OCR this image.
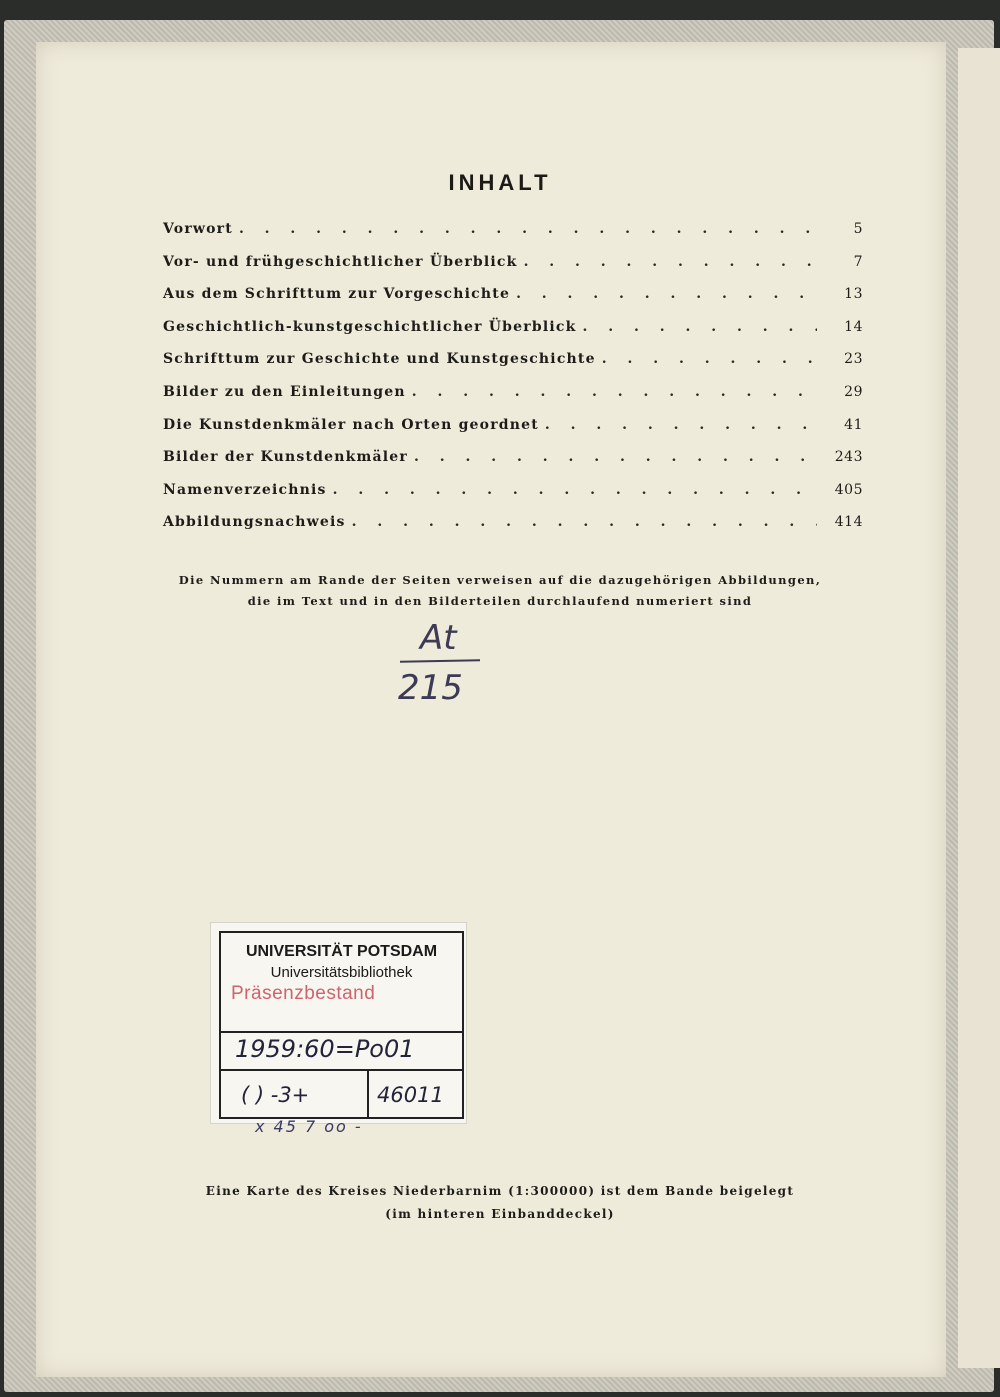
INHALT
Vorwort . . .	5
Vor- und frühgeschichtlicher Überblick . . .	7
Aus dem Schrifttum zur Vorgeschichte . . .	13
Geschichtlich-kunstgeschichtlicher Überblick . . .	14
Schrifttum zur Geschichte und Kunstgeschichte . . .	23
Bilder zu den Einleitungen . . .	29
Die Kunstdenkmäler nach Orten geordnet . . .	41
Bilder der Kunstdenkmäler . . .	243
Namenverzeichnis . . .	405
Abbildungsnachweis . . .	414
Die Nummern am Rande der Seiten verweisen auf die dazugehörigen Abbildungen,
die im Text und in den Bilderteilen durchlaufend numeriert sind
At
215
UNIVERSITÄT POTSDAM
Universitätsbibliothek
Präsenzbestand
1959:60=Po01
( ) -3+	46011
x 45 7 oo -
Eine Karte des Kreises Niederbarnim (1:300000) ist dem Bande beigelegt
(im hinteren Einbanddeckel)
